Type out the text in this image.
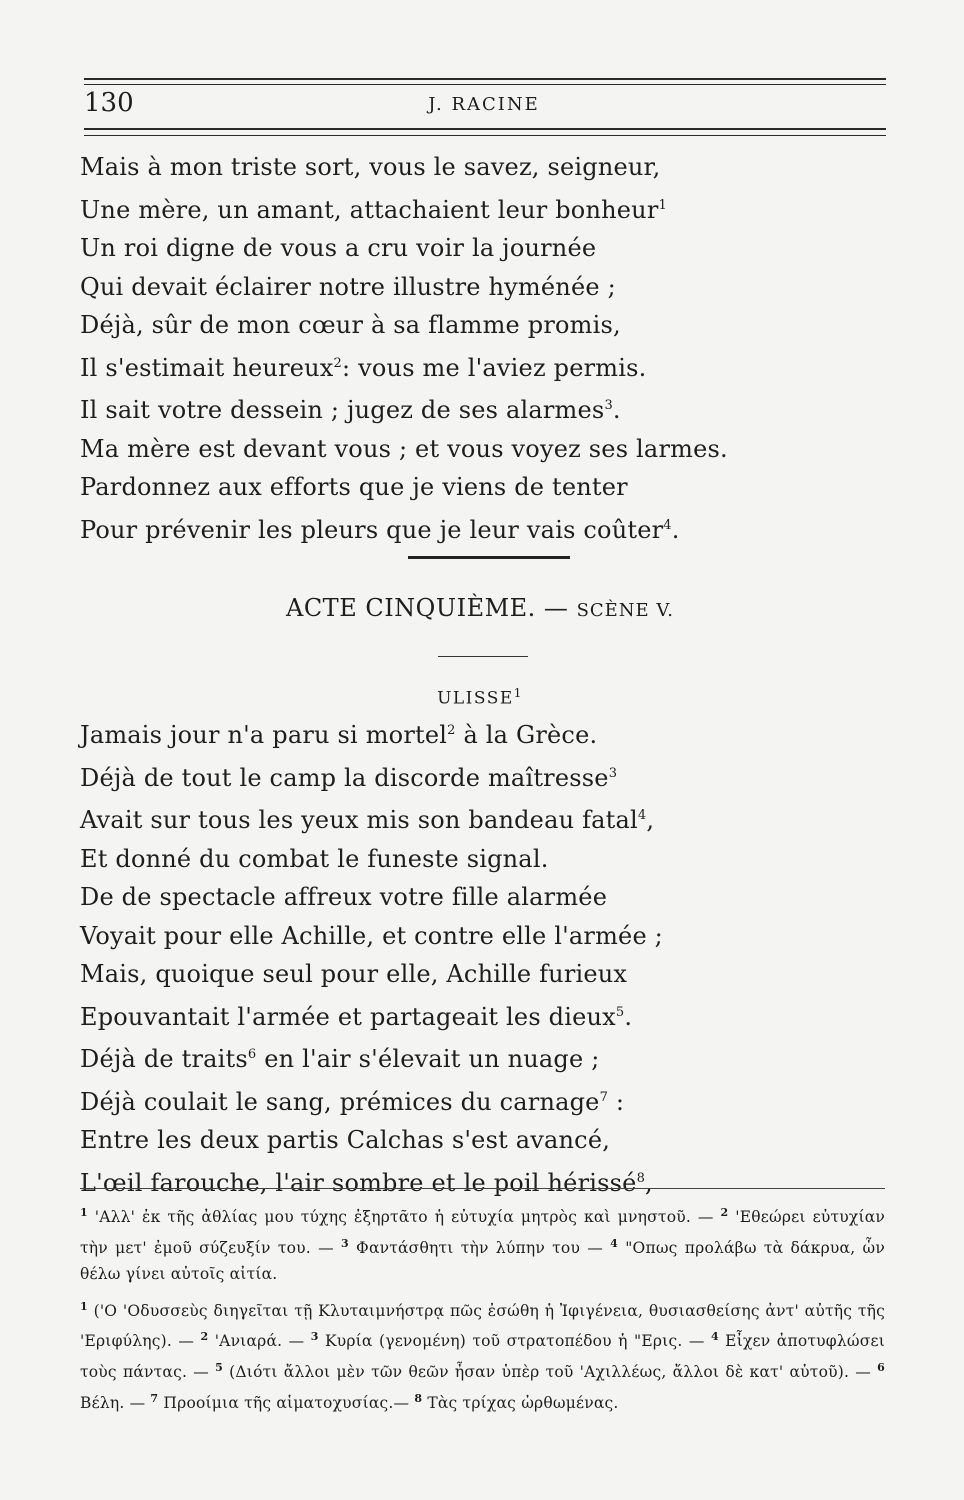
130	J. RACINE
Mais à mon triste sort, vous le savez, seigneur,
Une mère, un amant, attachaient leur bonheur$^1$
Un roi digne de vous a cru voir la journée
Qui devait éclairer notre illustre hyménée ;
Déjà, sûr de mon cœur à sa flamme promis,
Il s'estimait heureux$^2$: vous me l'aviez permis.
Il sait votre dessein ; jugez de ses alarmes$^3$.
Ma mère est devant vous ; et vous voyez ses larmes.
Pardonnez aux efforts que je viens de tenter
Pour prévenir les pleurs que je leur vais coûter$^4$.
ACTE CINQUIÈME. — SCÈNE V.
ULISSE$^1$
Jamais jour n'a paru si mortel$^2$ à la Grèce.
Déjà de tout le camp la discorde maîtresse$^3$
Avait sur tous les yeux mis son bandeau fatal$^4$,
Et donné du combat le funeste signal.
De de spectacle affreux votre fille alarmée
Voyait pour elle Achille, et contre elle l'armée ;
Mais, quoique seul pour elle, Achille furieux
Epouvantait l'armée et partageait les dieux$^5$.
Déjà de traits$^6$ en l'air s'élevait un nuage ;
Déjà coulait le sang, prémices du carnage$^7$ :
Entre les deux partis Calchas s'est avancé,
L'œil farouche, l'air sombre et le poil hérissé$^8$,
$^1$ 'Αλλ' ἐκ τῆς ἀθλίας μου τύχης ἐξηρτᾶτο ἡ εὐτυχία μητρὸς καὶ μνηστοῦ. — $^2$ 'Εθεώρει εὐτυχίαν τὴν μετ' ἐμοῦ σύζευξίν του. — $^3$ Φαντάσθητι τὴν λύπην του — $^4$ "Οπως προλάβω τὰ δάκρυα, ὧν θέλω γίνει αὐτοῖς αἰτία.
$^1$ ('Ο 'Οδυσσεὺς διηγεῖται τῇ Κλυταιμνήστρᾳ πῶς ἐσώθη ἡ Ἰφιγένεια, θυσιασθείσης ἀντ' αὐτῆς τῆς 'Εριφύλης). — $^2$ 'Ανιαρά. — $^3$ Κυρία (γενομένη) τοῦ στρατοπέδου ἡ "Ερις. — $^4$ Εἶχεν ἀποτυφλώσει τοὺς πάντας. — $^5$ (Διότι ἄλλοι μὲν τῶν θεῶν ἦσαν ὑπὲρ τοῦ 'Αχιλλέως, ἄλλοι δὲ κατ' αὐτοῦ). — $^6$ Βέλη. — $^7$ Προοίμια τῆς αἱματοχυσίας.— $^8$ Τὰς τρίχας ὠρθωμένας.
